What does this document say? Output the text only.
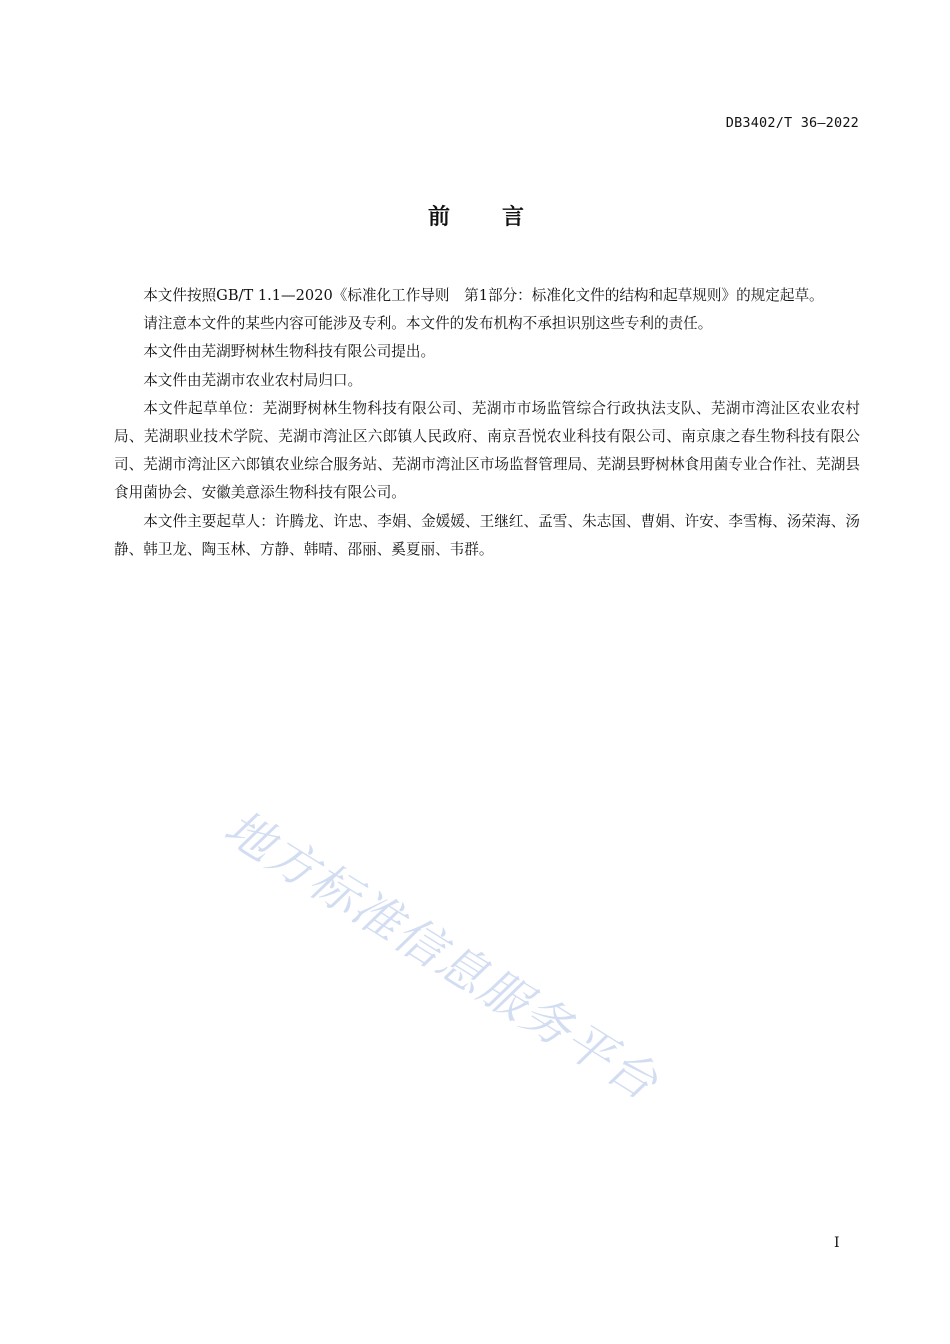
DB3402/T 36—2022
前言

本文件按照GB/T 1.1—2020《标准化工作导则　第1部分：标准化文件的结构和起草规则》的规定起草。

请注意本文件的某些内容可能涉及专利。本文件的发布机构不承担识别这些专利的责任。

本文件由芜湖野树林生物科技有限公司提出。

本文件由芜湖市农业农村局归口。

本文件起草单位：芜湖野树林生物科技有限公司、芜湖市市场监管综合行政执法支队、芜湖市湾沚区农业农村局、芜湖职业技术学院、芜湖市湾沚区六郎镇人民政府、南京吾悦农业科技有限公司、南京康之春生物科技有限公司、芜湖市湾沚区六郎镇农业综合服务站、芜湖市湾沚区市场监督管理局、芜湖县野树林食用菌专业合作社、芜湖县食用菌协会、安徽美意添生物科技有限公司。

本文件主要起草人：许腾龙、许忠、李娟、金媛媛、王继红、孟雪、朱志国、曹娟、许安、李雪梅、汤荣海、汤静、韩卫龙、陶玉林、方静、韩晴、邵丽、奚夏丽、韦群。

地方标准信息服务平台
I
